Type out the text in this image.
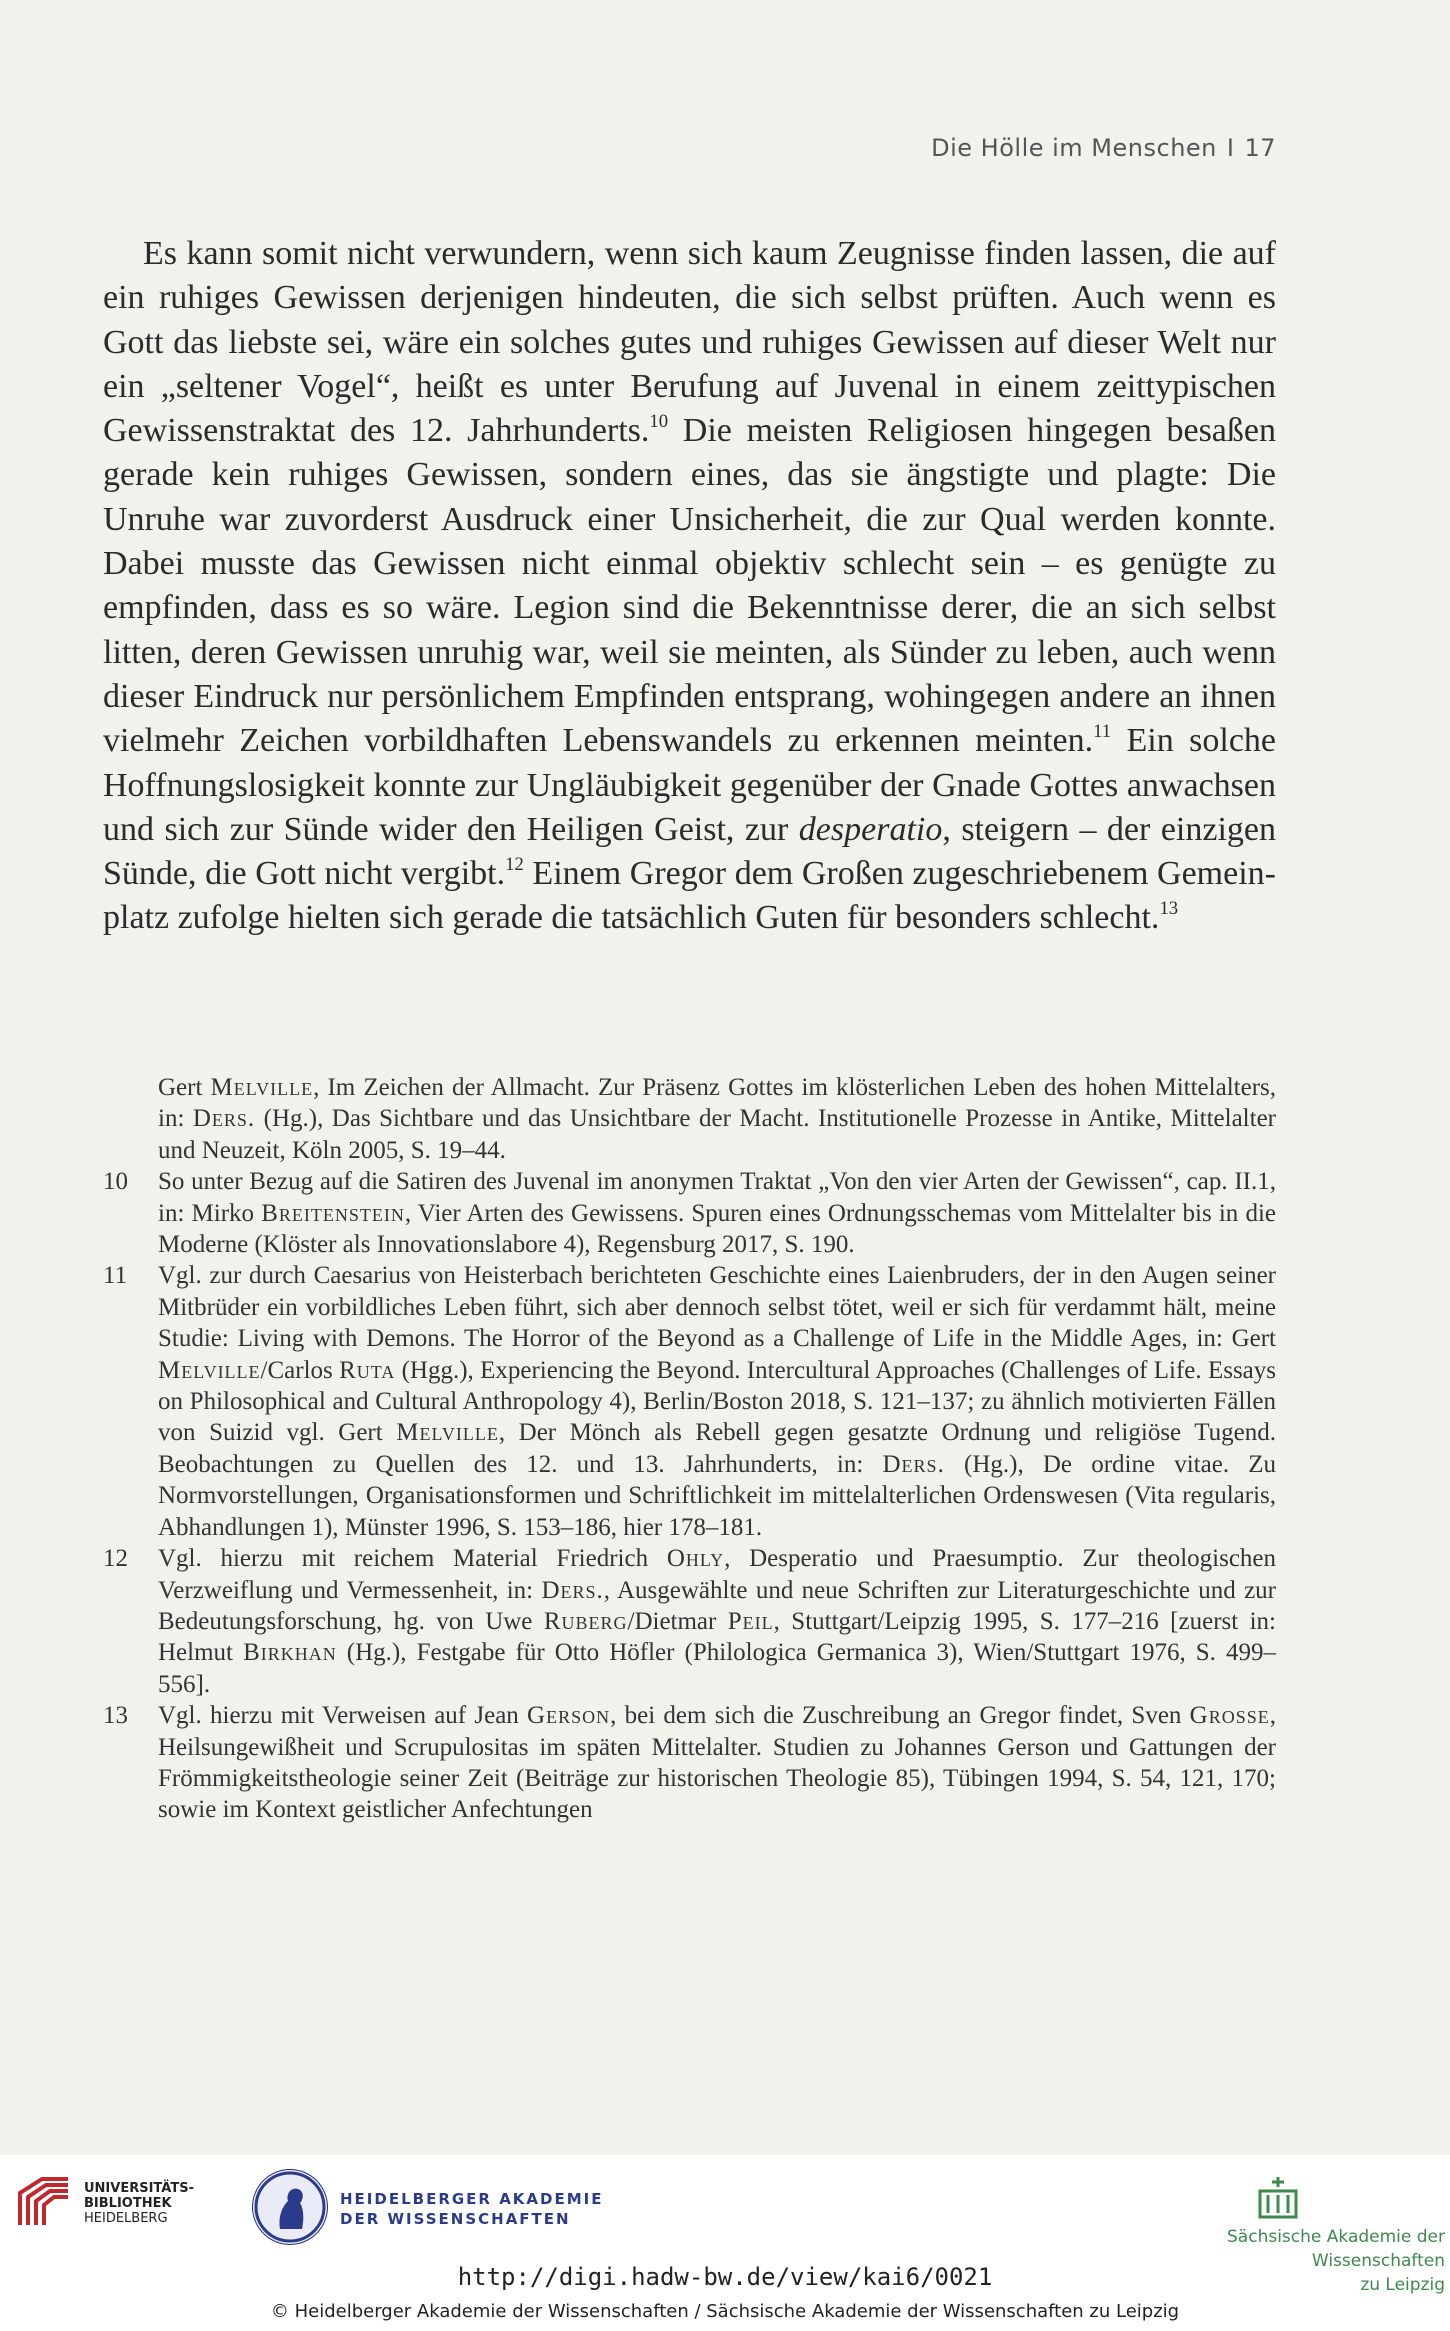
Die Hölle im Menschen I 17

Es kann somit nicht verwundern, wenn sich kaum Zeugnisse finden lassen, die auf ein ruhiges Gewissen derjenigen hindeuten, die sich selbst prüften. Auch wenn es Gott das liebste sei, wäre ein solches gutes und ruhiges Gewissen auf dieser Welt nur ein „seltener Vogel“, heißt es unter Berufung auf Juvenal in einem zeittypischen Gewissenstraktat des 12. Jahrhunderts.$^{10}$ Die meisten Religiosen hingegen besaßen gerade kein ruhiges Gewissen, sondern eines, das sie ängstigte und plagte: Die Unruhe war zuvorderst Ausdruck einer Unsicherheit, die zur Qual werden konnte. Dabei musste das Gewissen nicht einmal objektiv schlecht sein – es genügte zu empfinden, dass es so wäre. Legion sind die Bekenntnisse derer, die an sich selbst litten, deren Gewissen unruhig war, weil sie meinten, als Sünder zu leben, auch wenn dieser Eindruck nur persönlichem Empfinden entsprang, wohingegen andere an ihnen vielmehr Zeichen vorbildhaften Lebenswandels zu erkennen meinten.$^{11}$ Ein solche Hoffnungslosigkeit konnte zur Ungläubigkeit gegenüber der Gnade Gottes anwachsen und sich zur Sünde wider den Heiligen Geist, zur desperatio, steigern – der einzigen Sünde, die Gott nicht vergibt.$^{12}$ Einem Gregor dem Großen zugeschriebenem Gemeinplatz zufolge hielten sich gerade die tatsächlich Guten für besonders schlecht.$^{13}$

Gert Melville, Im Zeichen der Allmacht. Zur Präsenz Gottes im klösterlichen Leben des hohen Mittelalters, in: Ders. (Hg.), Das Sichtbare und das Unsichtbare der Macht. Institutionelle Prozesse in Antike, Mittelalter und Neuzeit, Köln 2005, S. 19–44.
10 So unter Bezug auf die Satiren des Juvenal im anonymen Traktat „Von den vier Arten der Gewissen“, cap. II.1, in: Mirko Breitenstein, Vier Arten des Gewissens. Spuren eines Ordnungsschemas vom Mittelalter bis in die Moderne (Klöster als Innovationslabore 4), Regensburg 2017, S. 190.
11 Vgl. zur durch Caesarius von Heisterbach berichteten Geschichte eines Laienbruders, der in den Augen seiner Mitbrüder ein vorbildliches Leben führt, sich aber dennoch selbst tötet, weil er sich für verdammt hält, meine Studie: Living with Demons. The Horror of the Beyond as a Challenge of Life in the Middle Ages, in: Gert Melville/Carlos Ruta (Hgg.), Experiencing the Beyond. Intercultural Approaches (Challenges of Life. Essays on Philosophical and Cultural Anthropology 4), Berlin/Boston 2018, S. 121–137; zu ähnlich motivierten Fällen von Suizid vgl. Gert Melville, Der Mönch als Rebell gegen gesatzte Ordnung und religiöse Tugend. Beobachtungen zu Quellen des 12. und 13. Jahrhunderts, in: Ders. (Hg.), De ordine vitae. Zu Normvorstellungen, Organisationsformen und Schriftlichkeit im mittelalterlichen Ordenswesen (Vita regularis, Abhandlungen 1), Münster 1996, S. 153–186, hier 178–181.
12 Vgl. hierzu mit reichem Material Friedrich Ohly, Desperatio und Praesumptio. Zur theologischen Verzweiflung und Vermessenheit, in: Ders., Ausgewählte und neue Schriften zur Literaturgeschichte und zur Bedeutungsforschung, hg. von Uwe Ruberg/Dietmar Peil, Stuttgart/Leipzig 1995, S. 177–216 [zuerst in: Helmut Birkhan (Hg.), Festgabe für Otto Höfler (Philologica Germanica 3), Wien/Stuttgart 1976, S. 499–556].
13 Vgl. hierzu mit Verweisen auf Jean Gerson, bei dem sich die Zuschreibung an Gregor findet, Sven Grosse, Heilsungewißheit und Scrupulositas im späten Mittelalter. Studien zu Johannes Gerson und Gattungen der Frömmigkeitstheologie seiner Zeit (Beiträge zur historischen Theologie 85), Tübingen 1994, S. 54, 121, 170; sowie im Kontext geistlicher Anfechtungen
UNIVERSITÄTS-
BIBLIOTHEK
HEIDELBERG
HEIDELBERGER AKADEMIE
DER WISSENSCHAFTEN
Sächsische Akademie der Wissenschaften
zu Leipzig
http://digi.hadw-bw.de/view/kai6/0021
© Heidelberger Akademie der Wissenschaften / Sächsische Akademie der Wissenschaften zu Leipzig
